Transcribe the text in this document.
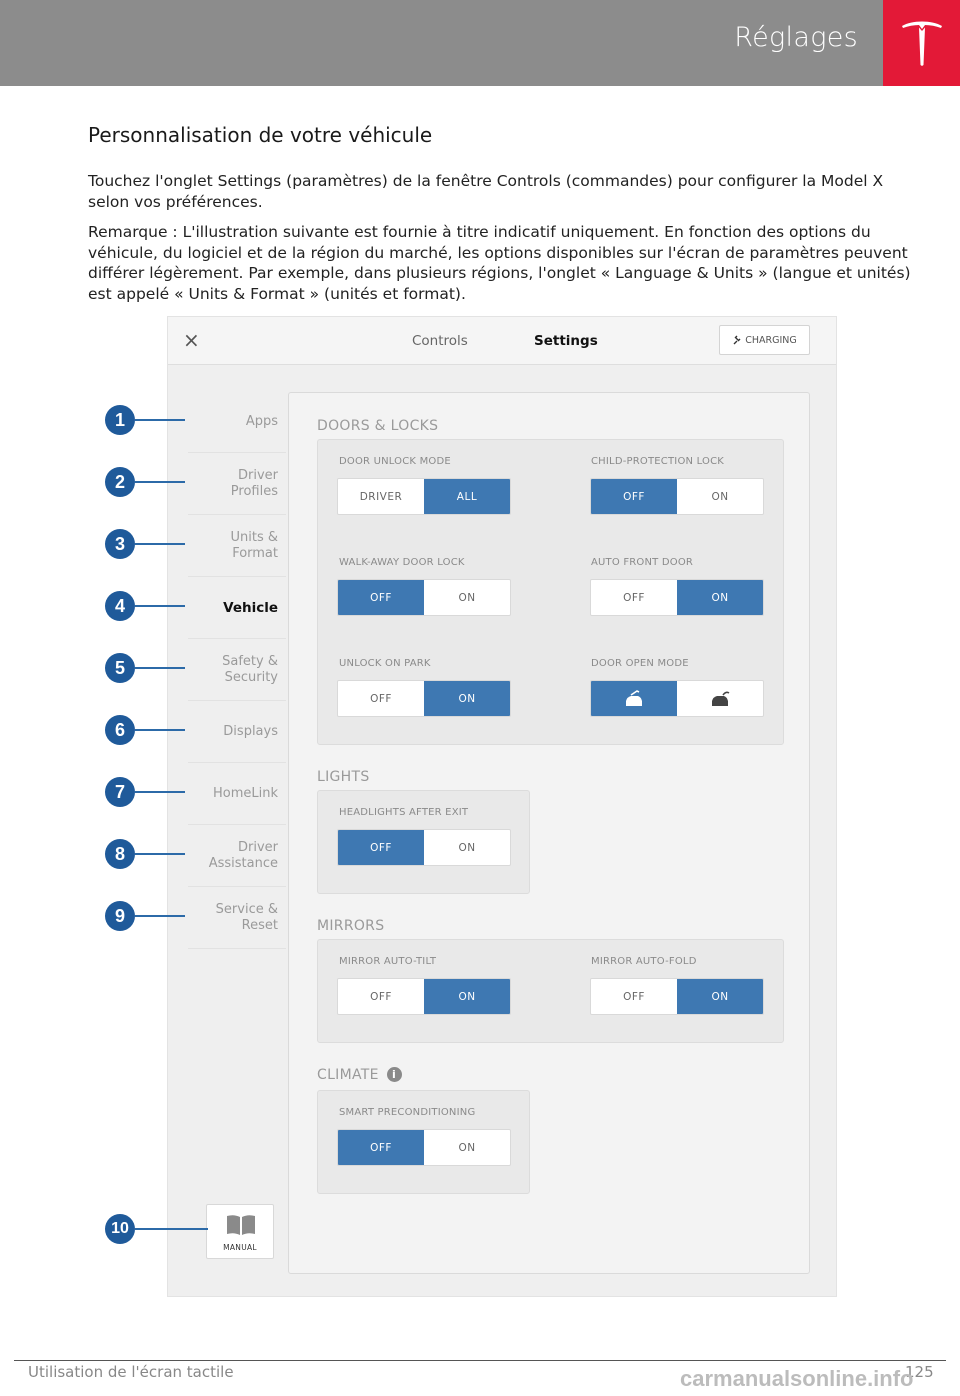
Réglages
Personnalisation de votre véhicule
Touchez l'onglet Settings (paramètres) de la fenêtre Controls (commandes) pour configurer la Model X selon vos préférences.
Remarque : L'illustration suivante est fournie à titre indicatif uniquement. En fonction des options du véhicule, du logiciel et de la région du marché, les options disponibles sur l'écran de paramètres peuvent différer légèrement. Par exemple, dans plusieurs régions, l'onglet « Language & Units » (langue et unités) est appelé « Units & Format » (unités et format).
×	Controls	Settings	CHARGING
Apps
Driver
Profiles
Units &
Format
Vehicle
Safety &
Security
Displays
HomeLink
Driver
Assistance
Service &
Reset
MANUAL
DOORS & LOCKS
DOOR UNLOCK MODE
DRIVER	ALL
CHILD-PROTECTION LOCK
OFF	ON
WALK-AWAY DOOR LOCK
OFF	ON
AUTO FRONT DOOR
OFF	ON
UNLOCK ON PARK
OFF	ON
DOOR OPEN MODE
LIGHTS
HEADLIGHTS AFTER EXIT
OFF	ON
MIRRORS
MIRROR AUTO-TILT
OFF	ON
MIRROR AUTO-FOLD
OFF	ON
CLIMATE i
SMART PRECONDITIONING
OFF	ON
1
2
3
4
5
6
7
8
9
10
Utilisation de l'écran tactile	125
carmanualsonline.info
